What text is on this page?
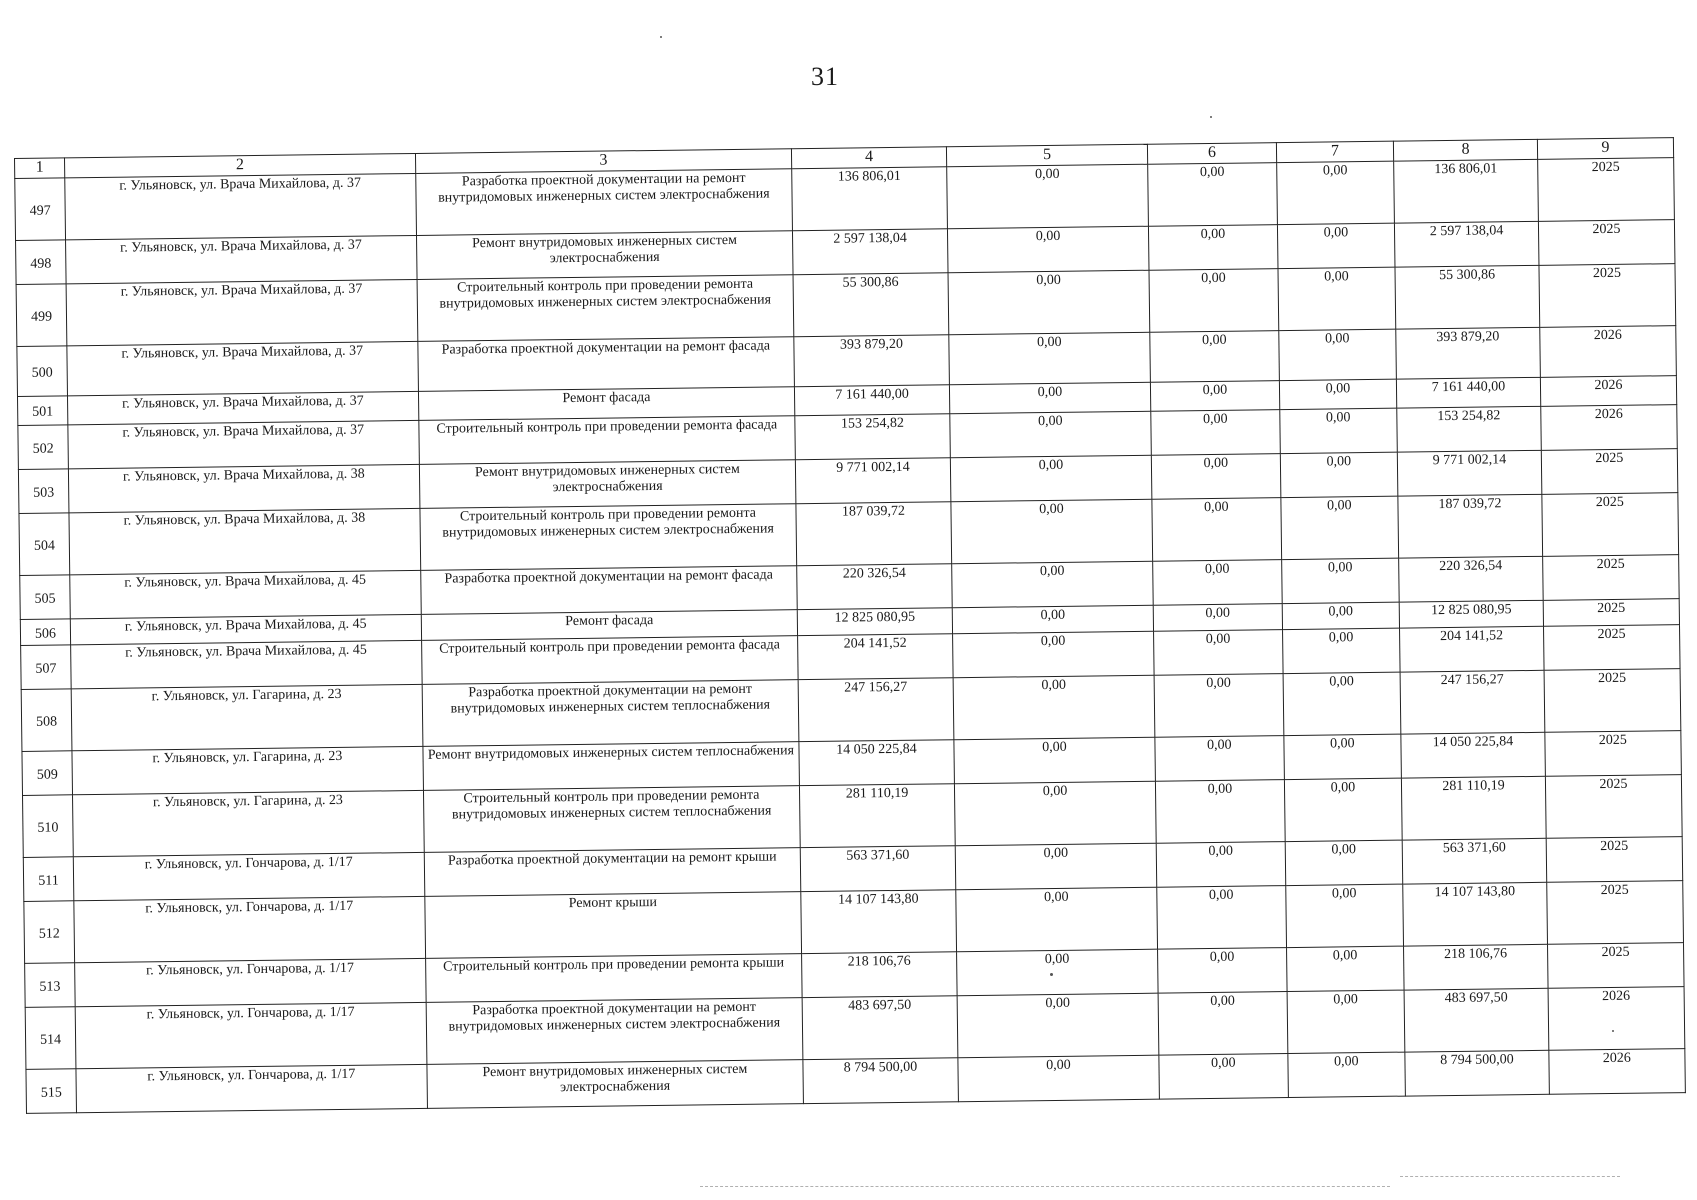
31
1	2	3	4	5	6	7	8	9
497	г. Ульяновск, ул. Врача Михайлова, д. 37	Разработка проектной документации на ремонт внутридомовых инженерных систем электроснабжения	136 806,01	0,00	0,00	0,00	136 806,01	2025
498	г. Ульяновск, ул. Врача Михайлова, д. 37	Ремонт внутридомовых инженерных систем электроснабжения	2 597 138,04	0,00	0,00	0,00	2 597 138,04	2025
499	г. Ульяновск, ул. Врача Михайлова, д. 37	Строительный контроль при проведении ремонта внутридомовых инженерных систем электроснабжения	55 300,86	0,00	0,00	0,00	55 300,86	2025
500	г. Ульяновск, ул. Врача Михайлова, д. 37	Разработка проектной документации на ремонт фасада	393 879,20	0,00	0,00	0,00	393 879,20	2026
501	г. Ульяновск, ул. Врача Михайлова, д. 37	Ремонт фасада	7 161 440,00	0,00	0,00	0,00	7 161 440,00	2026
502	г. Ульяновск, ул. Врача Михайлова, д. 37	Строительный контроль при проведении ремонта фасада	153 254,82	0,00	0,00	0,00	153 254,82	2026
503	г. Ульяновск, ул. Врача Михайлова, д. 38	Ремонт внутридомовых инженерных систем электроснабжения	9 771 002,14	0,00	0,00	0,00	9 771 002,14	2025
504	г. Ульяновск, ул. Врача Михайлова, д. 38	Строительный контроль при проведении ремонта внутридомовых инженерных систем электроснабжения	187 039,72	0,00	0,00	0,00	187 039,72	2025
505	г. Ульяновск, ул. Врача Михайлова, д. 45	Разработка проектной документации на ремонт фасада	220 326,54	0,00	0,00	0,00	220 326,54	2025
506	г. Ульяновск, ул. Врача Михайлова, д. 45	Ремонт фасада	12 825 080,95	0,00	0,00	0,00	12 825 080,95	2025
507	г. Ульяновск, ул. Врача Михайлова, д. 45	Строительный контроль при проведении ремонта фасада	204 141,52	0,00	0,00	0,00	204 141,52	2025
508	г. Ульяновск, ул. Гагарина, д. 23	Разработка проектной документации на ремонт внутридомовых инженерных систем теплоснабжения	247 156,27	0,00	0,00	0,00	247 156,27	2025
509	г. Ульяновск, ул. Гагарина, д. 23	Ремонт внутридомовых инженерных систем теплоснабжения	14 050 225,84	0,00	0,00	0,00	14 050 225,84	2025
510	г. Ульяновск, ул. Гагарина, д. 23	Строительный контроль при проведении ремонта внутридомовых инженерных систем теплоснабжения	281 110,19	0,00	0,00	0,00	281 110,19	2025
511	г. Ульяновск, ул. Гончарова, д. 1/17	Разработка проектной документации на ремонт крыши	563 371,60	0,00	0,00	0,00	563 371,60	2025
512	г. Ульяновск, ул. Гончарова, д. 1/17	Ремонт крыши	14 107 143,80	0,00	0,00	0,00	14 107 143,80	2025
513	г. Ульяновск, ул. Гончарова, д. 1/17	Строительный контроль при проведении ремонта крыши	218 106,76	0,00	0,00	0,00	218 106,76	2025
514	г. Ульяновск, ул. Гончарова, д. 1/17	Разработка проектной документации на ремонт внутридомовых инженерных систем электроснабжения	483 697,50	0,00	0,00	0,00	483 697,50	2026
515	г. Ульяновск, ул. Гончарова, д. 1/17	Ремонт внутридомовых инженерных систем электроснабжения	8 794 500,00	0,00	0,00	0,00	8 794 500,00	2026
